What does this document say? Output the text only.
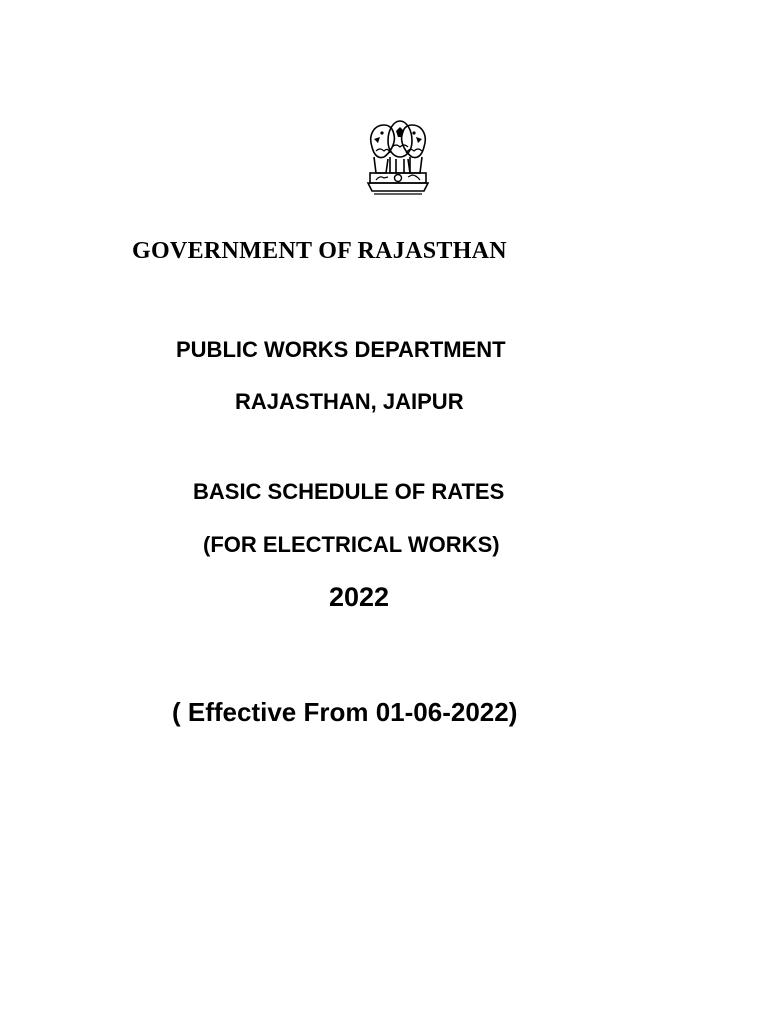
GOVERNMENT OF RAJASTHAN
PUBLIC WORKS DEPARTMENT
RAJASTHAN, JAIPUR
BASIC SCHEDULE OF RATES
(FOR ELECTRICAL WORKS)
2022
( Effective From 01-06-2022)
